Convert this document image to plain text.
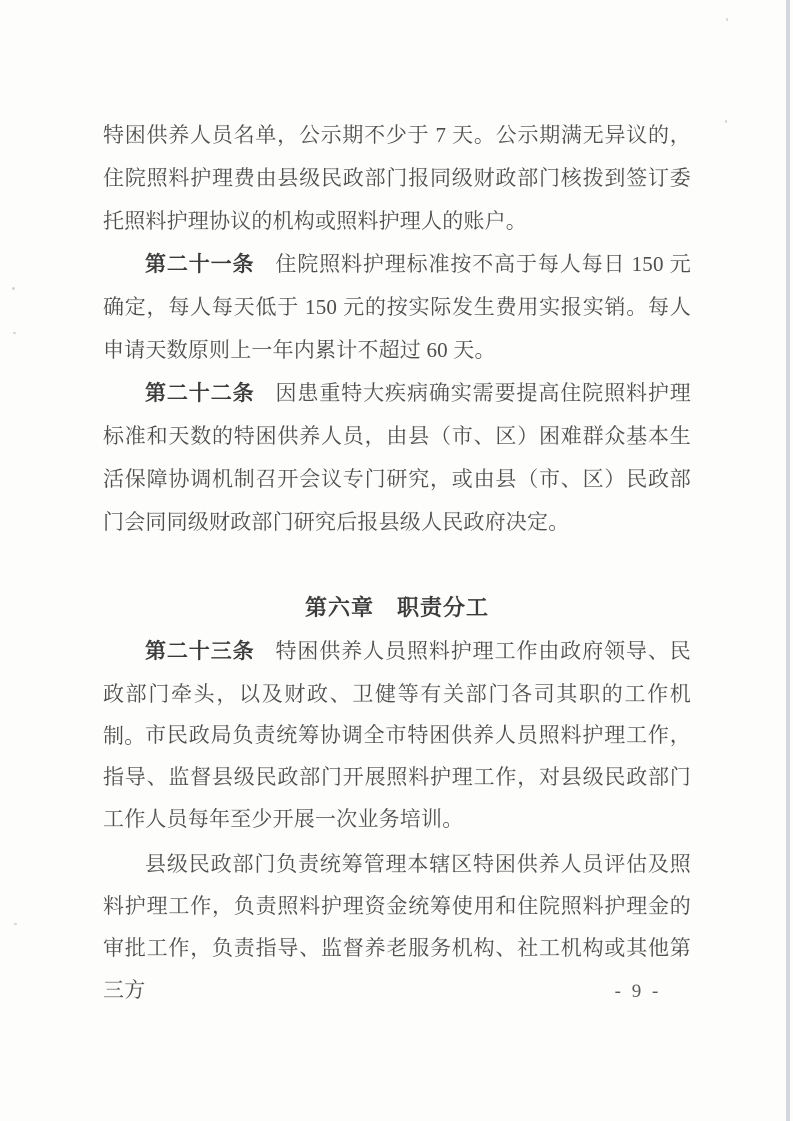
特困供养人员名单，公示期不少于 7 天。公示期满无异议的，住院照料护理费由县级民政部门报同级财政部门核拨到签订委托照料护理协议的机构或照料护理人的账户。
第二十一条 住院照料护理标准按不高于每人每日 150 元确定，每人每天低于 150 元的按实际发生费用实报实销。每人申请天数原则上一年内累计不超过 60 天。
第二十二条 因患重特大疾病确实需要提高住院照料护理标准和天数的特困供养人员，由县（市、区）困难群众基本生活保障协调机制召开会议专门研究，或由县（市、区）民政部门会同同级财政部门研究后报县级人民政府决定。
第六章　职责分工
第二十三条 特困供养人员照料护理工作由政府领导、民政部门牵头，以及财政、卫健等有关部门各司其职的工作机制。 市民政局负责统筹协调全市特困供养人员照料护理工作，指导、监督县级民政部门开展照料护理工作，对县级民政部门工作人员每年至少开展一次业务培训。
县级民政部门负责统筹管理本辖区特困供养人员评估及照料护理工作，负责照料护理资金统筹使用和住院照料护理金的审批工作，负责指导、监督养老服务机构、社工机构或其他第三方	- 9 -
